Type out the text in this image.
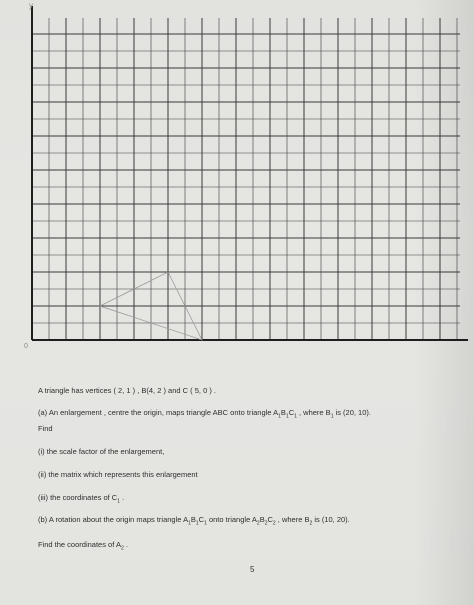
y
0

A triangle has vertices ( 2, 1 ) , B(4, 2 ) and C ( 5, 0 ) .

(a) An enlargement , centre the origin, maps triangle ABC onto triangle $A_1B_1C_1$ , where $B_1$ is (20, 10).

Find

(i) the scale factor of the enlargement,

(ii) the matrix which represents this enlargement

(iii) the coordinates of $C_1$ .

(b) A rotation about the origin maps triangle $A_1B_1C_1$ onto triangle $A_2B_2C_2$ , where $B_2$ is (10, 20).

Find the coordinates of $A_2$ .

5
